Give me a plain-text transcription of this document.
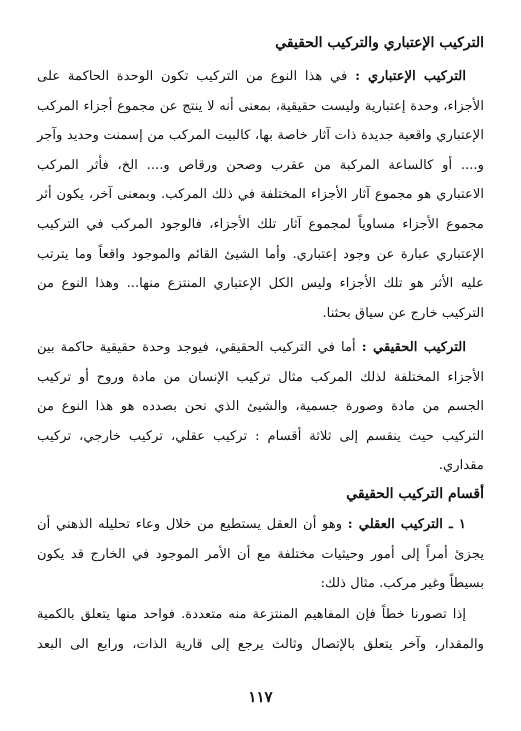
التركيب الإعتباري والتركيب الحقيقي

التركيب الإعتباري : في هذا النوع من التركيب تكون الوحدة الحاكمة على الأجزاء، وحدة إعتبارية وليست حقيقية، بمعنى أنه لا ينتج عن مجموع أجزاء المركب الإعتباري واقعية جديدة ذات آثار خاصة بها، كالبيت المركب من إسمنت وحديد وآجر و.... أو كالساعة المركبة من عقرب وصحن ورقاص و.... الخ، فأثر المركب الاعتباري هو مجموع آثار الأجزاء المختلفة في ذلك المركب. وبمعنى آخر، يكون أثر مجموع الأجزاء مساوياً لمجموع آثار تلك الأجزاء، فالوجود المركب في التركيب الإعتباري عبارة عن وجود إعتباري. وأما الشيئ القائم والموجود واقعاً وما يترتب عليه الأثر هو تلك الأجزاء وليس الكل الإعتباري المنتزع منها... وهذا النوع من التركيب خارج عن سياق بحثنا.

التركيب الحقيقي : أما في التركيب الحقيقي، فيوجد وحدة حقيقية حاكمة بين الأجزاء المختلفة لذلك المركب مثال تركيب الإنسان من مادة وروح أو تركيب الجسم من مادة وصورة جسمية، والشيئ الذي نحن بصدده هو هذا النوع من التركيب حيث ينقسم إلى ثلاثة أقسام : تركيب عقلي، تركيب خارجي، تركيب مقداري.

أقسام التركيب الحقيقي

١ ـ التركيب العقلي : وهو أن العقل يستطيع من خلال وعاء تحليله الذهني أن يجزئ أمراً إلى أمور وحيثيات مختلفة مع أن الأمر الموجود في الخارج قد يكون بسيطاً وغير مركب. مثال ذلك:

إذا تصورنا خطاً فإن المفاهيم المنتزعة منه متعددة. فواحد منها يتعلق بالكمية والمقدار، وآخر يتعلق بالإتصال وثالث يرجع إلى قارية الذات، ورابع الى البعد

١١٧
